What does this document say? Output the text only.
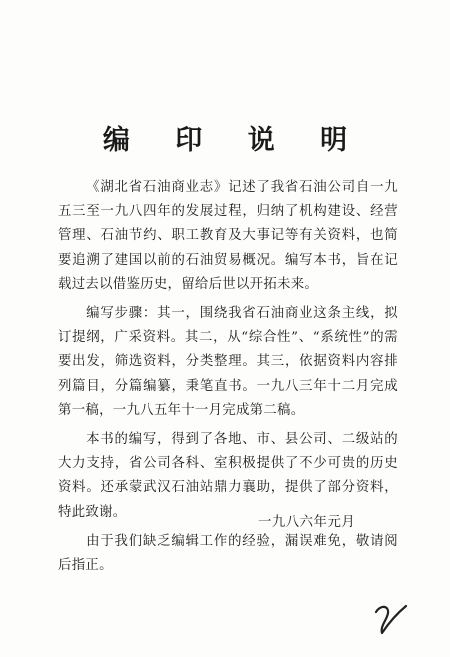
编 印 说 明

《湖北省石油商业志》记述了我省石油公司自一九五三至一九八四年的发展过程，归纳了机构建设、经营管理、石油节约、职工教育及大事记等有关资料，也简要追溯了建国以前的石油贸易概况。编写本书，旨在记载过去以借鉴历史，留给后世以开拓未来。

编写步骤：其一，围绕我省石油商业这条主线，拟订提纲，广采资料。其二，从“综合性”、“系统性”的需要出发，筛选资料，分类整理。其三，依据资料内容排列篇目，分篇编纂，秉笔直书。一九八三年十二月完成第一稿，一九八五年十一月完成第二稿。

本书的编写，得到了各地、市、县公司、二级站的大力支持，省公司各科、室积极提供了不少可贵的历史资料。还承蒙武汉石油站鼎力襄助，提供了部分资料，特此致谢。

由于我们缺乏编辑工作的经验，漏误难免，敬请阅后指正。

一九八六年元月
